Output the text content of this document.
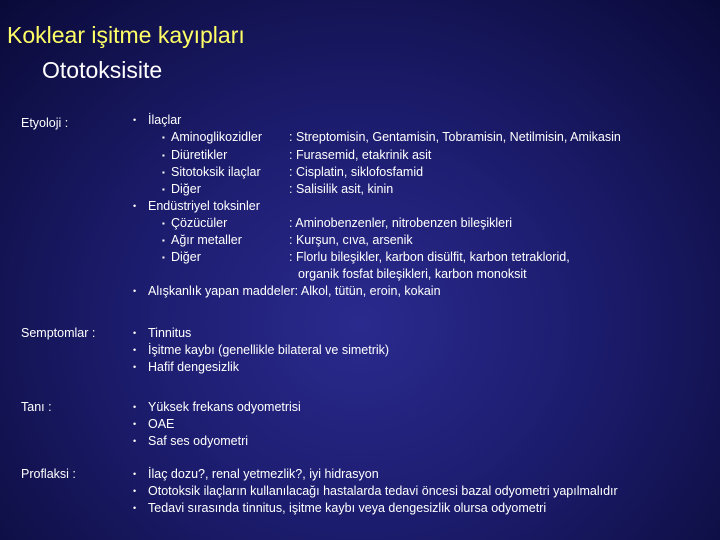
Koklear işitme kayıpları
Ototoksisite
Etyoloji :	• İlaçlar
▪ Aminoglikozidler : Streptomisin, Gentamisin, Tobramisin, Netilmisin, Amikasin
▪ Diüretikler	: Furasemid, etakrinik asit
▪ Sitotoksik ilaçlar : Cisplatin, siklofosfamid
▪ Diğer	: Salisilik asit, kinin
• Endüstriyel toksinler
▪ Çözücüler	: Aminobenzenler, nitrobenzen bileşikleri
▪ Ağır metaller	: Kurşun, cıva, arsenik
▪ Diğer	: Florlu bileşikler, karbon disülfit, karbon tetraklorid,
organik fosfat bileşikleri, karbon monoksit
• Alışkanlık yapan maddeler: Alkol, tütün, eroin, kokain
Semptomlar :	• Tinnitus
• İşitme kaybı (genellikle bilateral ve simetrik)
• Hafif dengesizlik
Tanı :	• Yüksek frekans odyometrisi
• OAE
• Saf ses odyometri
Proflaksi :	• İlaç dozu?, renal yetmezlik?, iyi hidrasyon
• Ototoksik ilaçların kullanılacağı hastalarda tedavi öncesi bazal odyometri yapılmalıdır
• Tedavi sırasında tinnitus, işitme kaybı veya dengesizlik olursa odyometri
